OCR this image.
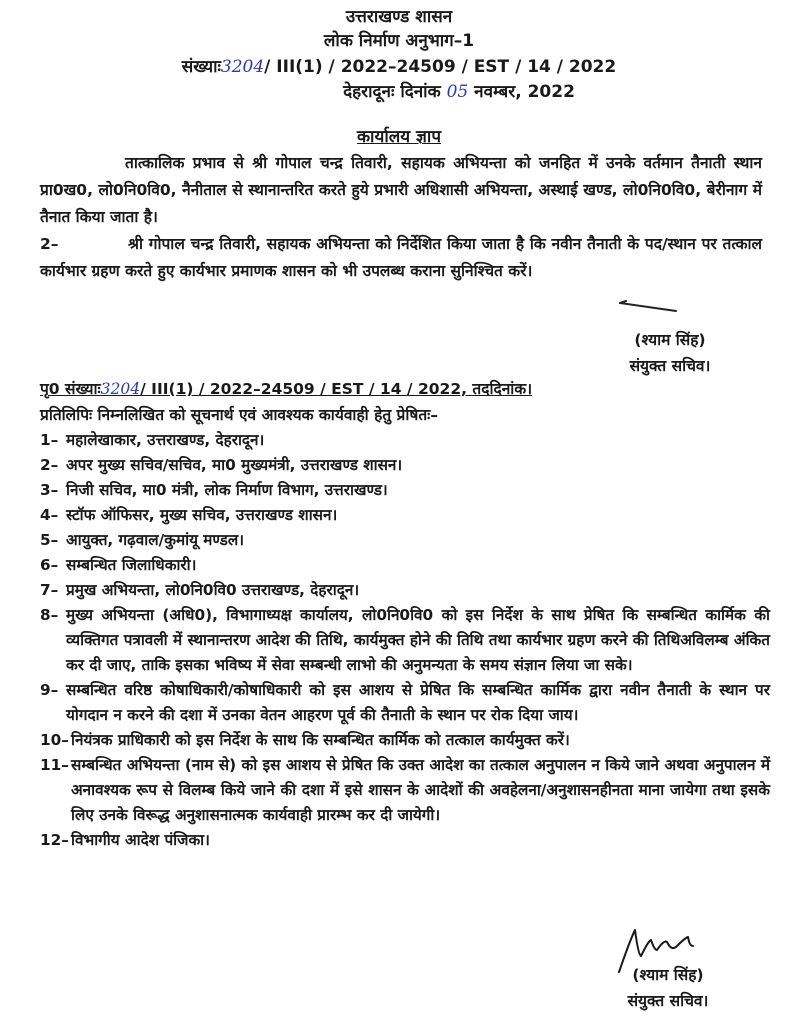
उत्तराखण्ड शासन
लोक निर्माण अनुभाग–1
संख्याः3204/ III(1) / 2022–24509 / EST / 14 / 2022
देहरादूनः दिनांक 05 नवम्बर, 2022
कार्यालय ज्ञाप
तात्कालिक प्रभाव से श्री गोपाल चन्द्र तिवारी, सहायक अभियन्ता को जनहित में उनके वर्तमान तैनाती स्थान प्रा0ख0, लो0नि0वि0, नैनीताल से स्थानान्तरित करते हुये प्रभारी अधिशासी अभियन्ता, अस्थाई खण्ड, लो0नि0वि0, बेरीनाग में तैनात किया जाता है।
2–	श्री गोपाल चन्द्र तिवारी, सहायक अभियन्ता को निर्देशित किया जाता है कि नवीन तैनाती के पद/स्थान पर तत्काल कार्यभार ग्रहण करते हुए कार्यभार प्रमाणक शासन को भी उपलब्ध कराना सुनिश्चित करें।
(श्याम सिंह)
संयुक्त सचिव।
पृ0 संख्याः3204/ III(1) / 2022–24509 / EST / 14 / 2022, तददिनांक।
प्रतिलिपिः निम्नलिखित को सूचनार्थ एवं आवश्यक कार्यवाही हेतु प्रेषितः–
1– महालेखाकार, उत्तराखण्ड, देहरादून।
2– अपर मुख्य सचिव/सचिव, मा0 मुख्यमंत्री, उत्तराखण्ड शासन।
3– निजी सचिव, मा0 मंत्री, लोक निर्माण विभाग, उत्तराखण्ड।
4– स्टॉफ ऑफिसर, मुख्य सचिव, उत्तराखण्ड शासन।
5– आयुक्त, गढ़वाल/कुमांयू मण्डल।
6– सम्बन्धित जिलाधिकारी।
7– प्रमुख अभियन्ता, लो0नि0वि0 उत्तराखण्ड, देहरादून।
8– मुख्य अभियन्ता (अधि0), विभागाध्यक्ष कार्यालय, लो0नि0वि0 को इस निर्देश के साथ प्रेषित कि सम्बन्धित कार्मिक की व्यक्तिगत पत्रावली में स्थानान्तरण आदेश की तिथि, कार्यमुक्त होने की तिथि तथा कार्यभार ग्रहण करने की तिथिअविलम्ब अंकित कर दी जाए, ताकि इसका भविष्य में सेवा सम्बन्धी लाभो की अनुमन्यता के समय संज्ञान लिया जा सके।
9– सम्बन्धित वरिष्ठ कोषाधिकारी/कोषाधिकारी को इस आशय से प्रेषित कि सम्बन्धित कार्मिक द्वारा नवीन तैनाती के स्थान पर योगदान न करने की दशा में उनका वेतन आहरण पूर्व की तैनाती के स्थान पर रोक दिया जाय।
10– नियंत्रक प्राधिकारी को इस निर्देश के साथ कि सम्बन्धित कार्मिक को तत्काल कार्यमुक्त करें।
11– सम्बन्धित अभियन्ता (नाम से) को इस आशय से प्रेषित कि उक्त आदेश का तत्काल अनुपालन न किये जाने अथवा अनुपालन में अनावश्यक रूप से विलम्ब किये जाने की दशा में इसे शासन के आदेशों की अवहेलना/अनुशासनहीनता माना जायेगा तथा इसके लिए उनके विरूद्ध अनुशासनात्मक कार्यवाही प्रारम्भ कर दी जायेगी।
12– विभागीय आदेश पंजिका।
(श्याम सिंह)
संयुक्त सचिव।
